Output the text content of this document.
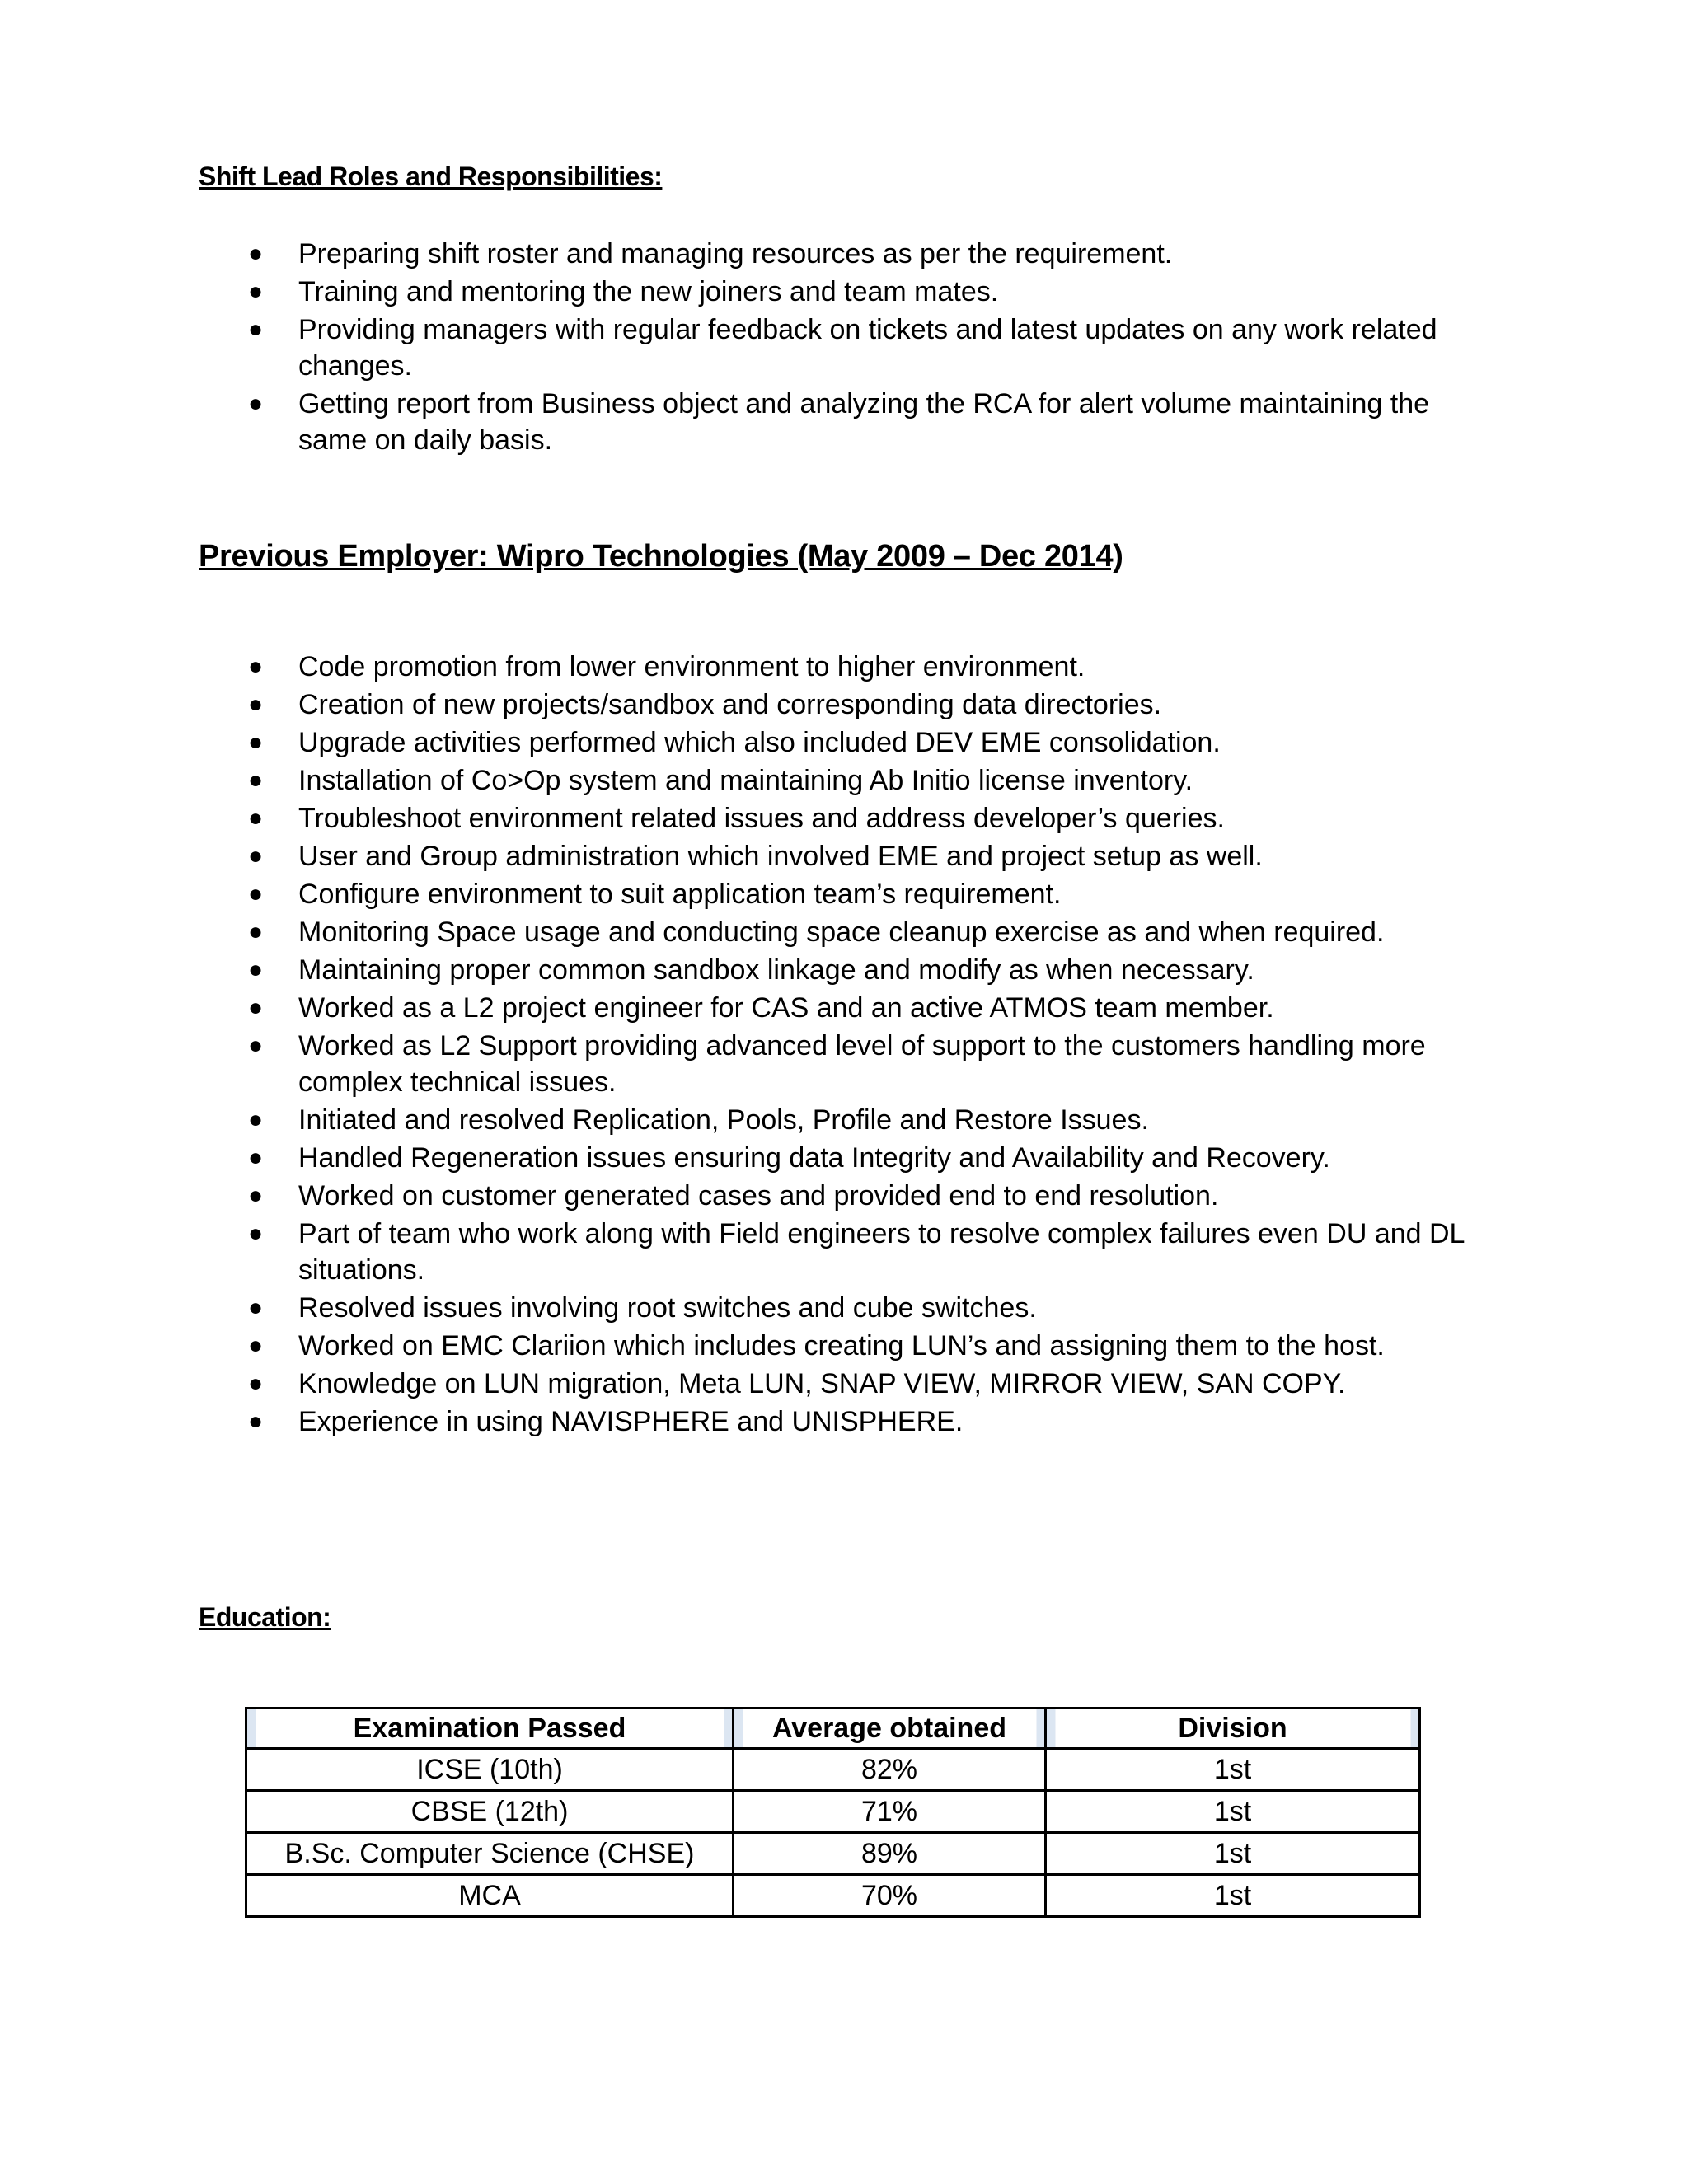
Shift Lead Roles and Responsibilities:
● Preparing shift roster and managing resources as per the requirement.
● Training and mentoring the new joiners and team mates.
● Providing managers with regular feedback on tickets and latest updates on any work related changes.
● Getting report from Business object and analyzing the RCA for alert volume maintaining the same on daily basis.
Previous Employer: Wipro Technologies (May 2009 – Dec 2014)
● Code promotion from lower environment to higher environment.
● Creation of new projects/sandbox and corresponding data directories.
● Upgrade activities performed which also included DEV EME consolidation.
● Installation of Co>Op system and maintaining Ab Initio license inventory.
● Troubleshoot environment related issues and address developer’s queries.
● User and Group administration which involved EME and project setup as well.
● Configure environment to suit application team’s requirement.
● Monitoring Space usage and conducting space cleanup exercise as and when required.
● Maintaining proper common sandbox linkage and modify as when necessary.
● Worked as a L2 project engineer for CAS and an active ATMOS team member.
● Worked as L2 Support providing advanced level of support to the customers handling more complex technical issues.
● Initiated and resolved Replication, Pools, Profile and Restore Issues.
● Handled Regeneration issues ensuring data Integrity and Availability and Recovery.
● Worked on customer generated cases and provided end to end resolution.
● Part of team who work along with Field engineers to resolve complex failures even DU and DL situations.
● Resolved issues involving root switches and cube switches.
● Worked on EMC Clariion which includes creating LUN’s and assigning them to the host.
● Knowledge on LUN migration, Meta LUN, SNAP VIEW, MIRROR VIEW, SAN COPY.
● Experience in using NAVISPHERE and UNISPHERE.
Education:
Examination Passed	Average obtained	Division
ICSE (10th)	82%	1st
CBSE (12th)	71%	1st
B.Sc. Computer Science (CHSE)	89%	1st
MCA	70%	1st
